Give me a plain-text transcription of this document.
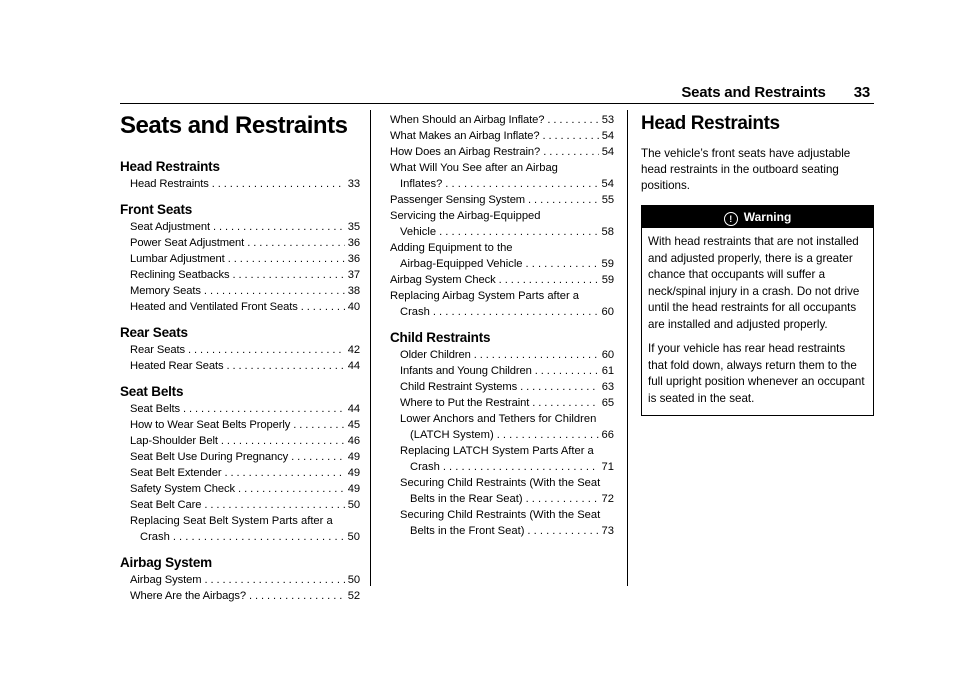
Seats and Restraints 33
Seats and Restraints
Head Restraints
Head Restraints . . .	33
Front Seats
Seat Adjustment . . .	35
Power Seat Adjustment . . .	36
Lumbar Adjustment . . .	36
Reclining Seatbacks . . .	37
Memory Seats . . .	38
Heated and Ventilated Front Seats . . .	40
Rear Seats
Rear Seats . . .	42
Heated Rear Seats . . .	44
Seat Belts
Seat Belts . . .	44
How to Wear Seat Belts Properly . . .	45
Lap-Shoulder Belt . . .	46
Seat Belt Use During Pregnancy . . .	49
Seat Belt Extender . . .	49
Safety System Check . . .	49
Seat Belt Care . . .	50
Replacing Seat Belt System Parts after a
Crash . . .	50
Airbag System
Airbag System . . .	50
Where Are the Airbags? . . .	52
When Should an Airbag Inflate? . . .	53
What Makes an Airbag Inflate? . . .	54
How Does an Airbag Restrain? . . .	54
What Will You See after an Airbag
Inflates? . . .	54
Passenger Sensing System . . .	55
Servicing the Airbag-Equipped
Vehicle . . .	58
Adding Equipment to the
Airbag-Equipped Vehicle . . .	59
Airbag System Check . . .	59
Replacing Airbag System Parts after a
Crash . . .	60
Child Restraints
Older Children . . .	60
Infants and Young Children . . .	61
Child Restraint Systems . . .	63
Where to Put the Restraint . . .	65
Lower Anchors and Tethers for Children
(LATCH System) . . .	66
Replacing LATCH System Parts After a
Crash . . .	71
Securing Child Restraints (With the Seat
Belts in the Rear Seat) . . .	72
Securing Child Restraints (With the Seat
Belts in the Front Seat) . . .	73
Head Restraints

The vehicle’s front seats have adjustable head restraints in the outboard seating positions.

! Warning

With head restraints that are not installed and adjusted properly, there is a greater chance that occupants will suffer a neck/spinal injury in a crash. Do not drive until the head restraints for all occupants are installed and adjusted properly.

If your vehicle has rear head restraints that fold down, always return them to the full upright position whenever an occupant is seated in the seat.
